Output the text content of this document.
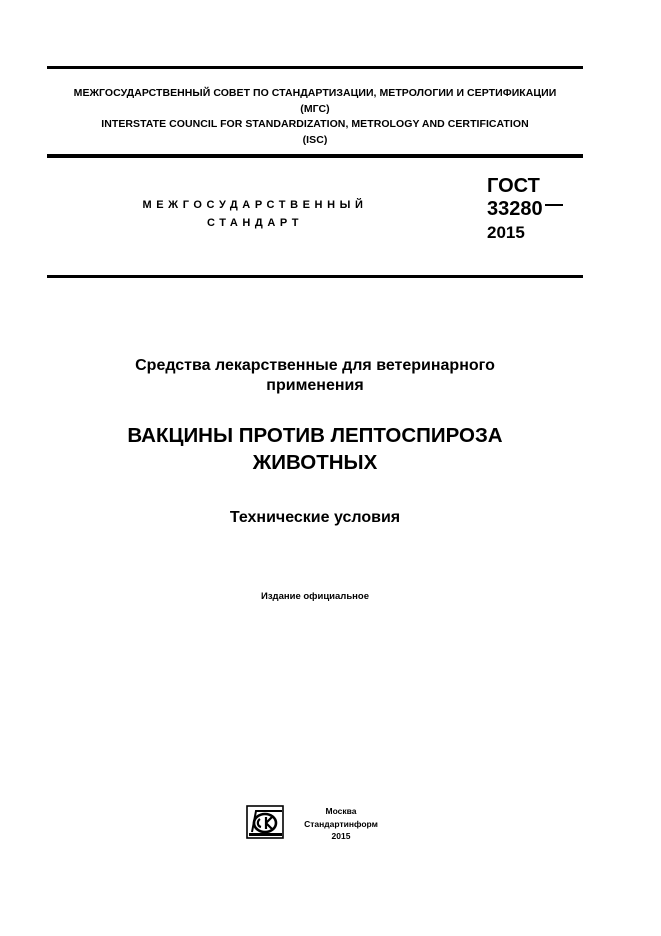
МЕЖГОСУДАРСТВЕННЫЙ СОВЕТ ПО СТАНДАРТИЗАЦИИ, МЕТРОЛОГИИ И СЕРТИФИКАЦИИ
(МГС)
INTERSTATE COUNCIL FOR STANDARDIZATION, METROLOGY AND CERTIFICATION
(ISC)
МЕЖГОСУДАРСТВЕННЫЙ
СТАНДАРТ
ГОСТ
33280
2015
Средства лекарственные для ветеринарного
применения
ВАКЦИНЫ ПРОТИВ ЛЕПТОСПИРОЗА
ЖИВОТНЫХ
Технические условия
Издание официальное
Москва
Стандартинформ
2015
